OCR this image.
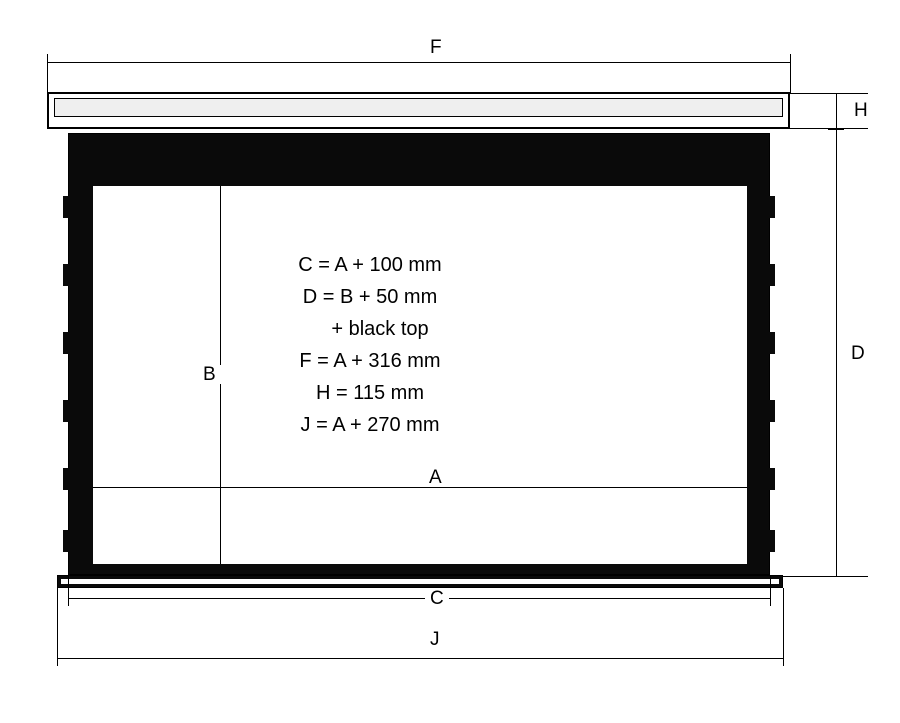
F
H
D
B
A
C = A + 100 mm
D = B + 50 mm
+ black top
F = A + 316 mm
H = 115 mm
J = A + 270 mm
C
J
